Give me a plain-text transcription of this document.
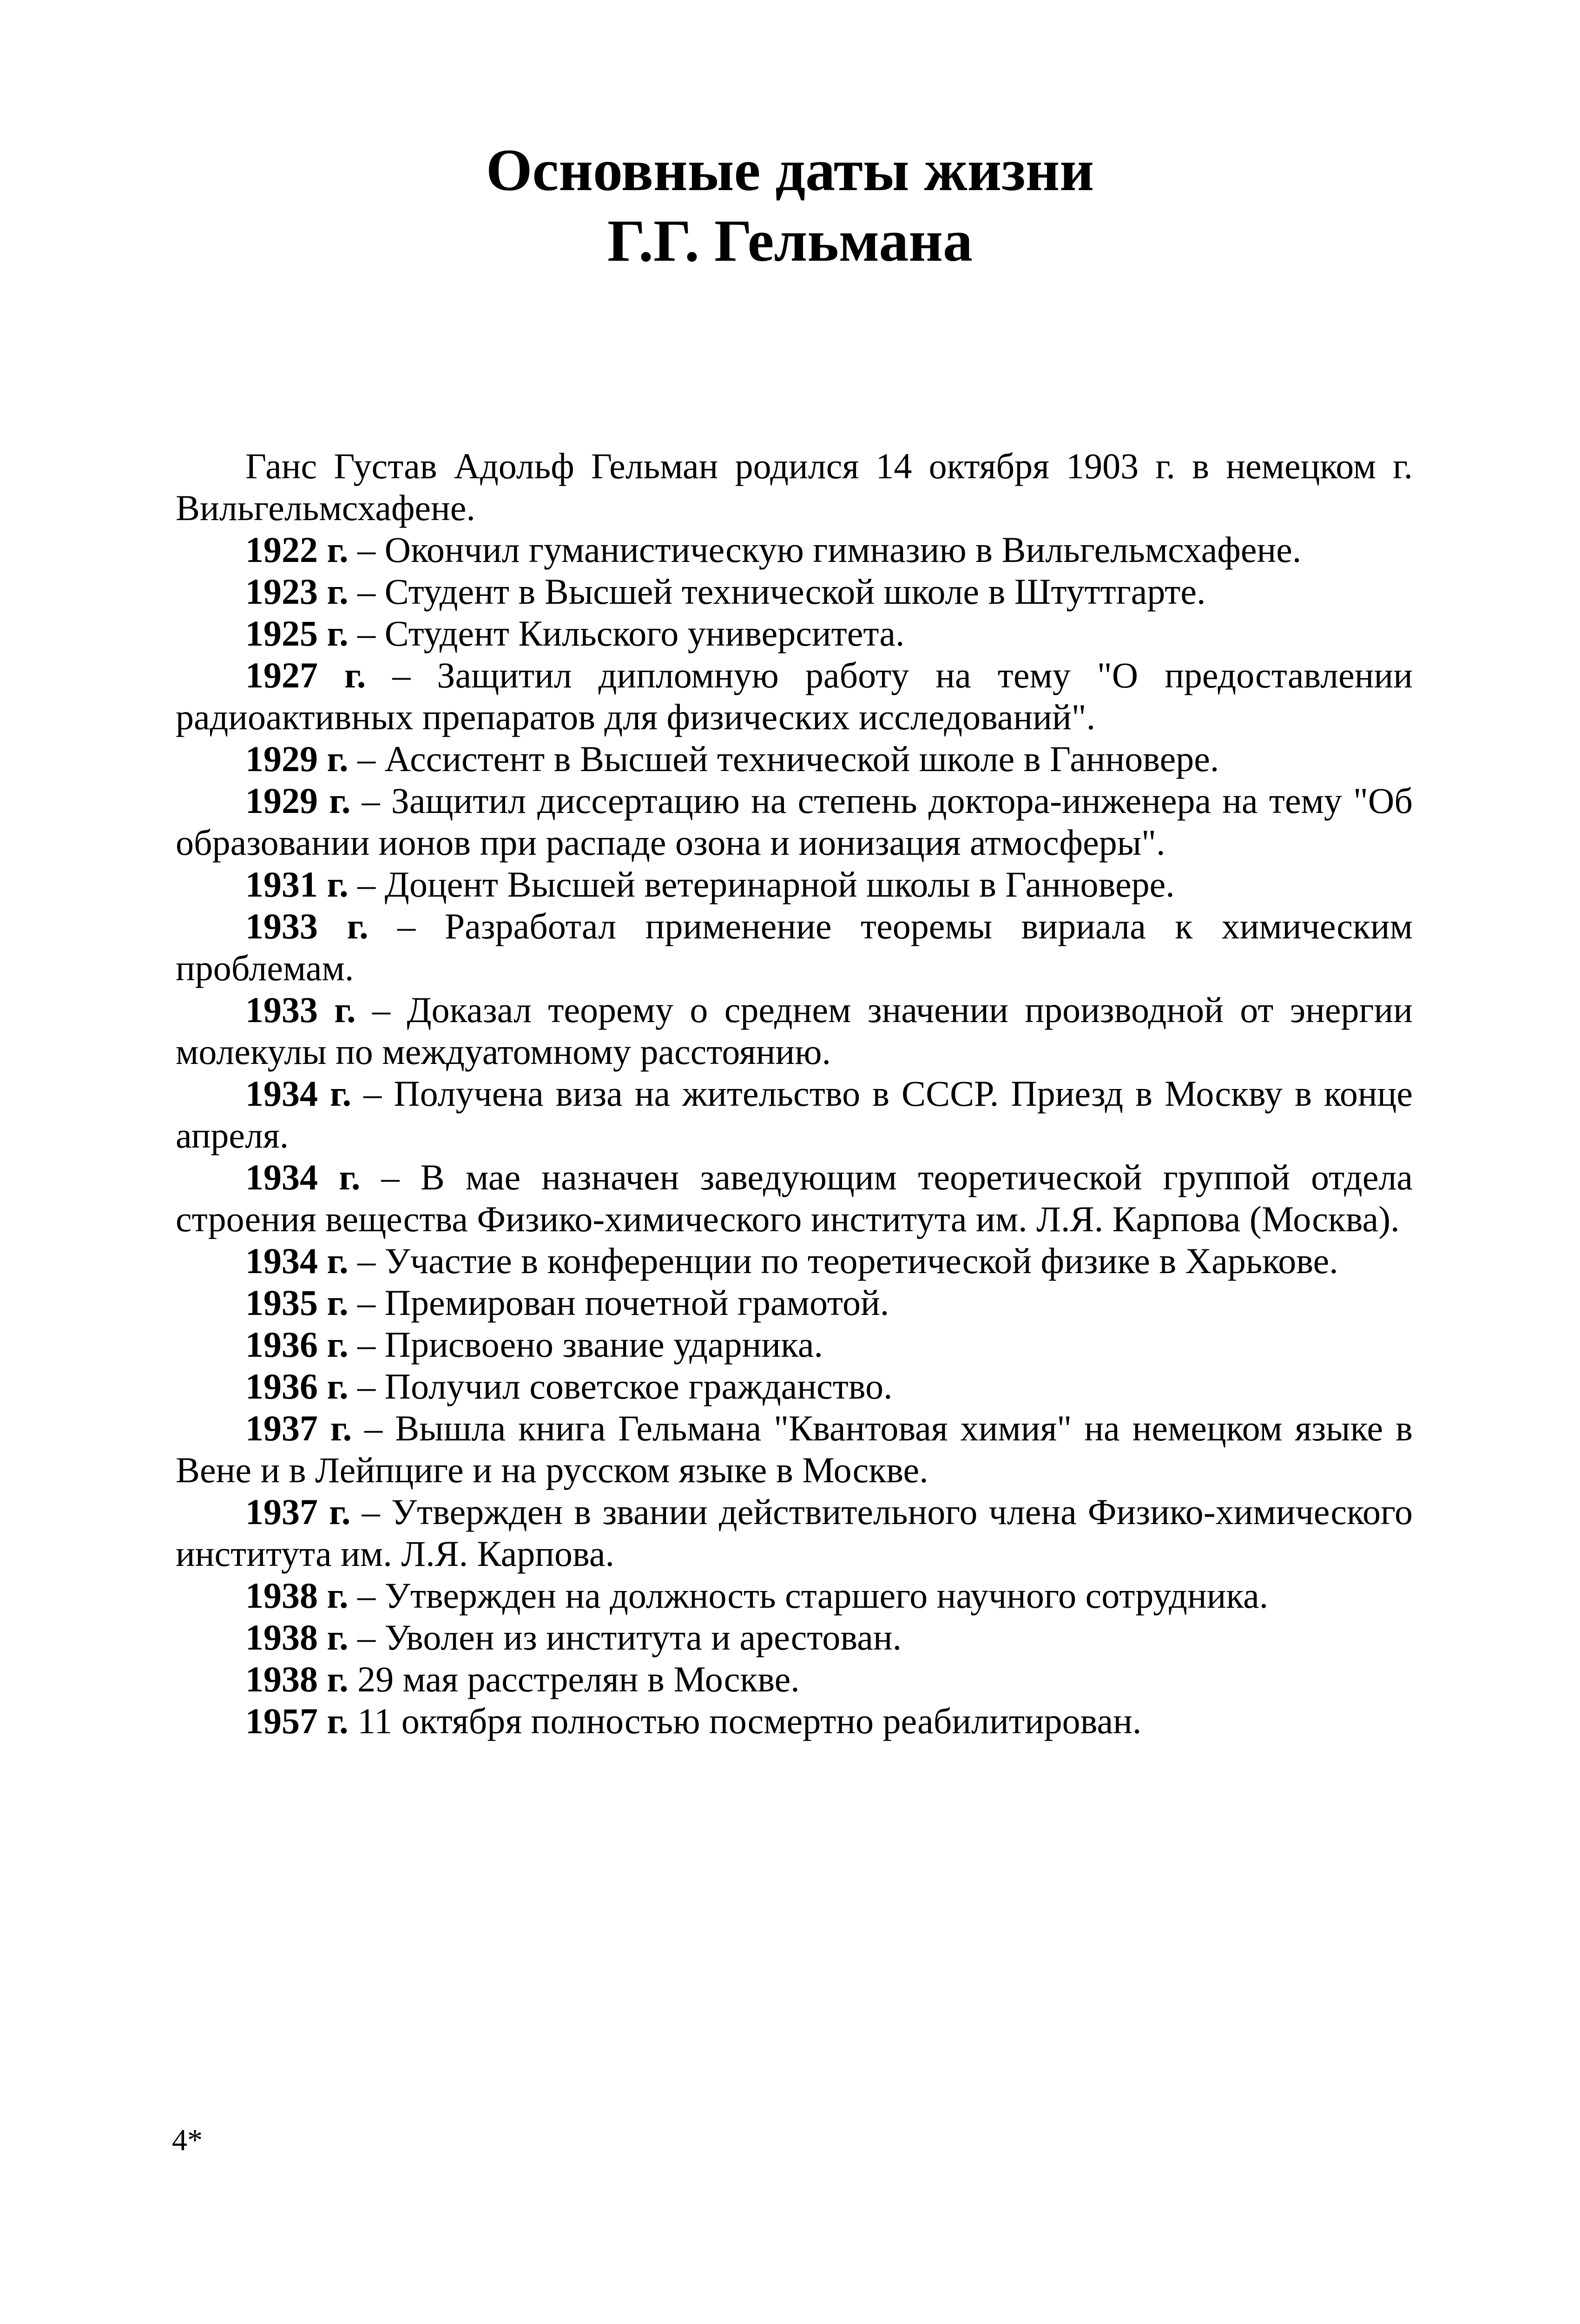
Основные даты жизни
Г.Г. Гельмана

Ганс Густав Адольф Гельман родился 14 октября 1903 г. в немецком г. Вильгельмсхафене.

1922 г. – Окончил гуманистическую гимназию в Вильгельмсхафене.

1923 г. – Студент в Высшей технической школе в Штуттгарте.

1925 г. – Студент Кильского университета.

1927 г. – Защитил дипломную работу на тему "О предоставлении радиоактивных препаратов для физических исследований".

1929 г. – Ассистент в Высшей технической школе в Ганновере.

1929 г. – Защитил диссертацию на степень доктора-инженера на тему "Об образовании ионов при распаде озона и ионизация атмосферы".

1931 г. – Доцент Высшей ветеринарной школы в Ганновере.

1933 г. – Разработал применение теоремы вириала к химическим проблемам.

1933 г. – Доказал теорему о среднем значении производной от энергии молекулы по междуатомному расстоянию.

1934 г. – Получена виза на жительство в СССР. Приезд в Москву в конце апреля.

1934 г. – В мае назначен заведующим теоретической группой отдела строения вещества Физико-химического института им. Л.Я. Карпова (Москва).

1934 г. – Участие в конференции по теоретической физике в Харькове.

1935 г. – Премирован почетной грамотой.

1936 г. – Присвоено звание ударника.

1936 г. – Получил советское гражданство.

1937 г. – Вышла книга Гельмана "Квантовая химия" на немецком языке в Вене и в Лейпциге и на русском языке в Москве.

1937 г. – Утвержден в звании действительного члена Физико-химического института им. Л.Я. Карпова.

1938 г. – Утвержден на должность старшего научного сотрудника.

1938 г. – Уволен из института и арестован.

1938 г. 29 мая расстрелян в Москве.

1957 г. 11 октября полностью посмертно реабилитирован.

4*
